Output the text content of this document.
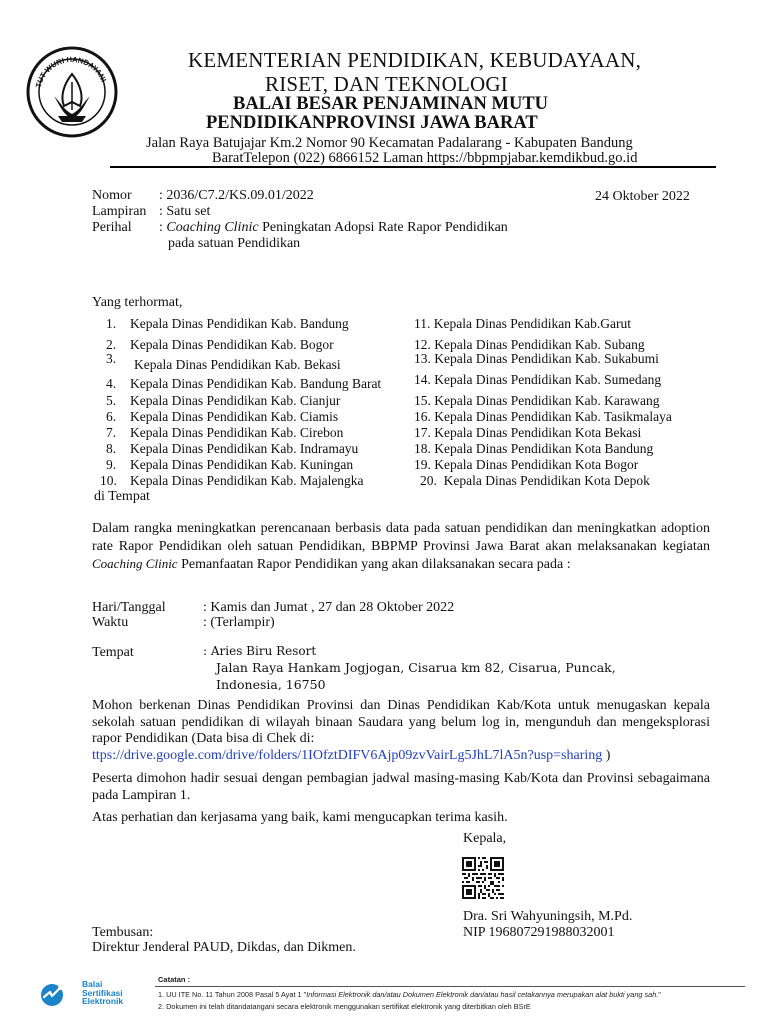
TUT WURI HANDAYANI
KEMENTERIAN PENDIDIKAN, KEBUDAYAAN,
RISET, DAN TEKNOLOGI
BALAI BESAR PENJAMINAN MUTU
PENDIDIKANPROVINSI JAWA BARAT
Jalan Raya Batujajar Km.2 Nomor 90 Kecamatan Padalarang - Kabupaten Bandung
BaratTelepon (022) 6866152 Laman https://bbpmpjabar.kemdikbud.go.id
Nomor : 2036/C7.2/KS.09.01/2022	24 Oktober 2022
Lampiran : Satu set
Perihal : Coaching Clinic Peningkatan Adopsi Rate Rapor Pendidikan
pada satuan Pendidikan
Yang terhormat,
1. Kepala Dinas Pendidikan Kab. Bandung
2. Kepala Dinas Pendidikan Kab. Bogor
3. Kepala Dinas Pendidikan Kab. Bekasi
4. Kepala Dinas Pendidikan Kab. Bandung Barat
5. Kepala Dinas Pendidikan Kab. Cianjur
6. Kepala Dinas Pendidikan Kab. Ciamis
7. Kepala Dinas Pendidikan Kab. Cirebon
8. Kepala Dinas Pendidikan Kab. Indramayu
9. Kepala Dinas Pendidikan Kab. Kuningan
10. Kepala Dinas Pendidikan Kab. Majalengka
11. Kepala Dinas Pendidikan Kab.Garut
12. Kepala Dinas Pendidikan Kab. Subang
13. Kepala Dinas Pendidikan Kab. Sukabumi
14. Kepala Dinas Pendidikan Kab. Sumedang
15. Kepala Dinas Pendidikan Kab. Karawang
16. Kepala Dinas Pendidikan Kab. Tasikmalaya
17. Kepala Dinas Pendidikan Kota Bekasi
18. Kepala Dinas Pendidikan Kota Bandung
19. Kepala Dinas Pendidikan Kota Bogor
20. Kepala Dinas Pendidikan Kota Depok
di Tempat
Dalam rangka meningkatkan perencanaan berbasis data pada satuan pendidikan dan meningkatkan adoption rate Rapor Pendidikan oleh satuan Pendidikan, BBPMP Provinsi Jawa Barat akan melaksanakan kegiatan Coaching Clinic Pemanfaatan Rapor Pendidikan yang akan dilaksanakan secara pada :
Hari/Tanggal	: Kamis dan Jumat , 27 dan 28 Oktober 2022
Waktu	: (Terlampir)
Tempat	: Aries Biru Resort
Jalan Raya Hankam Jogjogan, Cisarua km 82, Cisarua, Puncak,
Indonesia, 16750
Mohon berkenan Dinas Pendidikan Provinsi dan Dinas Pendidikan Kab/Kota untuk menugaskan kepala sekolah satuan pendidikan di wilayah binaan Saudara yang belum log in, mengunduh dan mengeksplorasi rapor Pendidikan (Data bisa di Chek di:
ttps://drive.google.com/drive/folders/1IOfztDIFV6Ajp09zvVairLg5JhL7lA5n?usp=sharing )
Peserta dimohon hadir sesuai dengan pembagian jadwal masing-masing Kab/Kota dan Provinsi sebagaimana pada Lampiran 1.
Atas perhatian dan kerjasama yang baik, kami mengucapkan terima kasih.
Kepala,
Dra. Sri Wahyuningsih, M.Pd.
NIP 196807291988032001
Tembusan:
Direktur Jenderal PAUD, Dikdas, dan Dikmen.
Balai
Sertifikasi
Elektronik
Catatan :
1. UU ITE No. 11 Tahun 2008 Pasal 5 Ayat 1 "Informasi Elektronik dan/atau Dokumen Elektronik dan/atau hasil cetakannya merupakan alat bukti yang sah."
2. Dokumen ini telah ditandatangani secara elektronik menggunakan sertifikat elektronik yang diterbitkan oleh BSrE
